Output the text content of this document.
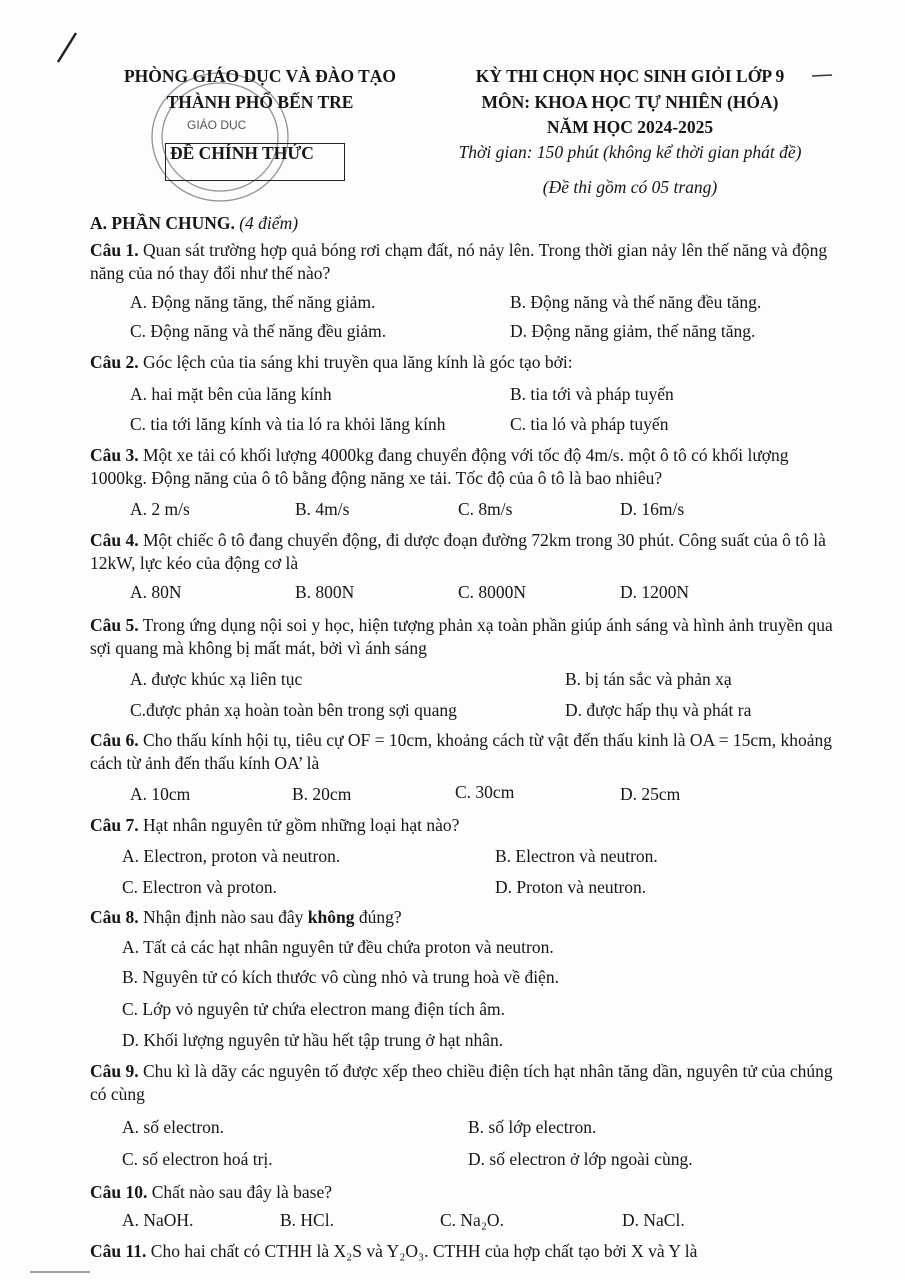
PHÒNG GIÁO DỤC VÀ ĐÀO TẠO
THÀNH PHỐ BẾN TRE
GIÁO DỤC
ĐỀ CHÍNH THỨC
KỲ THI CHỌN HỌC SINH GIỎI LỚP 9
MÔN: KHOA HỌC TỰ NHIÊN (HÓA)
NĂM HỌC 2024-2025
Thời gian: 150 phút (không kể thời gian phát đề)
(Đề thi gồm có 05 trang)
A. PHẦN CHUNG. (4 điểm)
Câu 1. Quan sát trường hợp quả bóng rơi chạm đất, nó nảy lên. Trong thời gian nảy lên thế năng và động năng của nó thay đổi như thế nào?
A. Động năng tăng, thế năng giảm.	B. Động năng và thế năng đều tăng.
C. Động năng và thế năng đều giảm.	D. Động năng giảm, thế năng tăng.
Câu 2. Góc lệch của tia sáng khi truyền qua lăng kính là góc tạo bởi:
A. hai mặt bên của lăng kính	B. tia tới và pháp tuyến
C. tia tới lăng kính và tia ló ra khỏi lăng kính	C. tia ló và pháp tuyến
Câu 3. Một xe tải có khối lượng 4000kg đang chuyển động với tốc độ 4m/s. một ô tô có khối lượng 1000kg. Động năng của ô tô bằng động năng xe tải. Tốc độ của ô tô là bao nhiêu?
A. 2 m/s	B. 4m/s	C. 8m/s	D. 16m/s
Câu 4. Một chiếc ô tô đang chuyển động, đi dược đoạn đường 72km trong 30 phút. Công suất của ô tô là 12kW, lực kéo của động cơ là
A. 80N	B. 800N	C. 8000N	D. 1200N
Câu 5. Trong ứng dụng nội soi y học, hiện tượng phản xạ toàn phần giúp ánh sáng và hình ảnh truyền qua sợi quang mà không bị mất mát, bởi vì ánh sáng
A. được khúc xạ liên tục	B. bị tán sắc và phản xạ
C.được phản xạ hoàn toàn bên trong sợi quang	D. được hấp thụ và phát ra
Câu 6. Cho thấu kính hội tụ, tiêu cự OF = 10cm, khoảng cách từ vật đến thấu kinh là OA = 15cm, khoảng cách từ ảnh đến thấu kính OA’ là
A. 10cm	B. 20cm	C. 30cm	D. 25cm
Câu 7. Hạt nhân nguyên tử gồm những loại hạt nào?
A. Electron, proton và neutron.	B. Electron và neutron.
C. Electron và proton.	D. Proton và neutron.
Câu 8. Nhận định nào sau đây không đúng?
A. Tất cả các hạt nhân nguyên tử đều chứa proton và neutron.
B. Nguyên tử có kích thước vô cùng nhỏ và trung hoà về điện.
C. Lớp vỏ nguyên tử chứa electron mang điện tích âm.
D. Khối lượng nguyên tử hầu hết tập trung ở hạt nhân.
Câu 9. Chu kì là dãy các nguyên tố được xếp theo chiều điện tích hạt nhân tăng dần, nguyên tử của chúng có cùng
A. số electron.	B. số lớp electron.
C. số electron hoá trị.	D. số electron ở lớp ngoài cùng.
Câu 10. Chất nào sau đây là base?
A. NaOH.	B. HCl.	C. Na₂O.	D. NaCl.
Câu 11. Cho hai chất có CTHH là X₂S và Y₂O₃. CTHH của hợp chất tạo bởi X và Y là
